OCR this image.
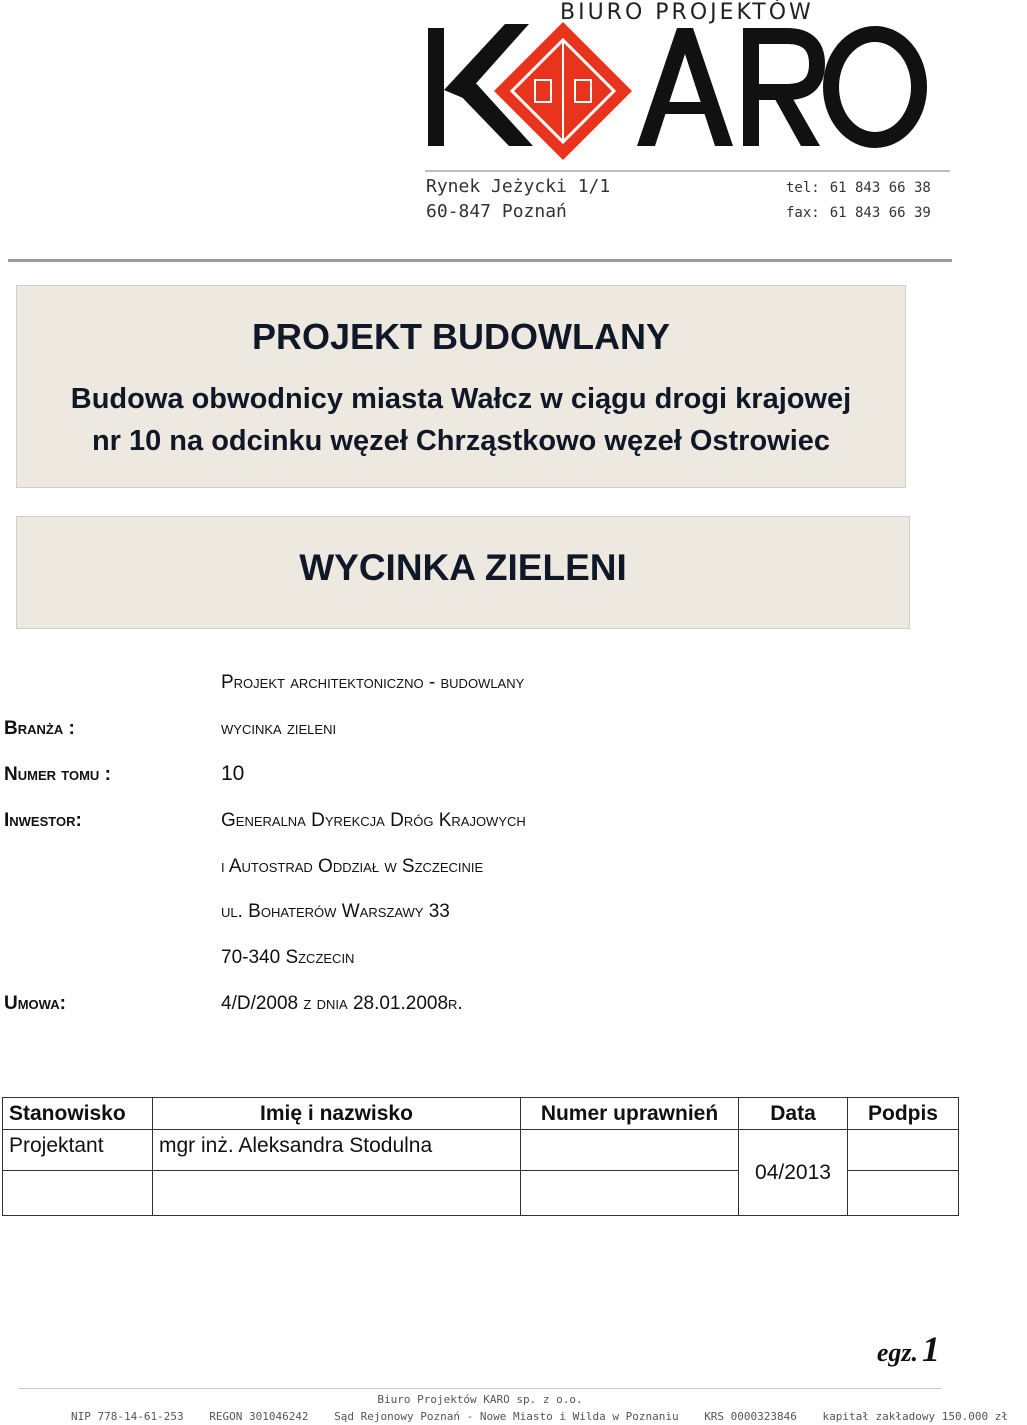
BIURO PROJEKTÓW
Rynek Jeżycki 1/1
60-847 Poznań
tel: 61 843 66 38
fax: 61 843 66 39
PROJEKT BUDOWLANY
Budowa obwodnicy miasta Wałcz w ciągu drogi krajowej
nr 10 na odcinku węzeł Chrząstkowo węzeł Ostrowiec
WYCINKA ZIELENI
Projekt architektoniczno - budowlany
Branża :	wycinka zieleni
Numer tomu :	10
Inwestor:	Generalna Dyrekcja Dróg Krajowych
i Autostrad Oddział w Szczecinie
ul. Bohaterów Warszawy 33
70-340 Szczecin
Umowa:	4/D/2008 z dnia 28.01.2008r.
Stanowisko	Imię i nazwisko	Numer uprawnień	Data	Podpis
Projektant	mgr inż. Aleksandra Stodulna		04/2013	

egz. 1
Biuro Projektów KARO sp. z o.o.
NIP 778-14-61-253 REGON 301046242 Sąd Rejonowy Poznań - Nowe Miasto i Wilda w Poznaniu KRS 0000323846 kapitał zakładowy 150.000 zł
